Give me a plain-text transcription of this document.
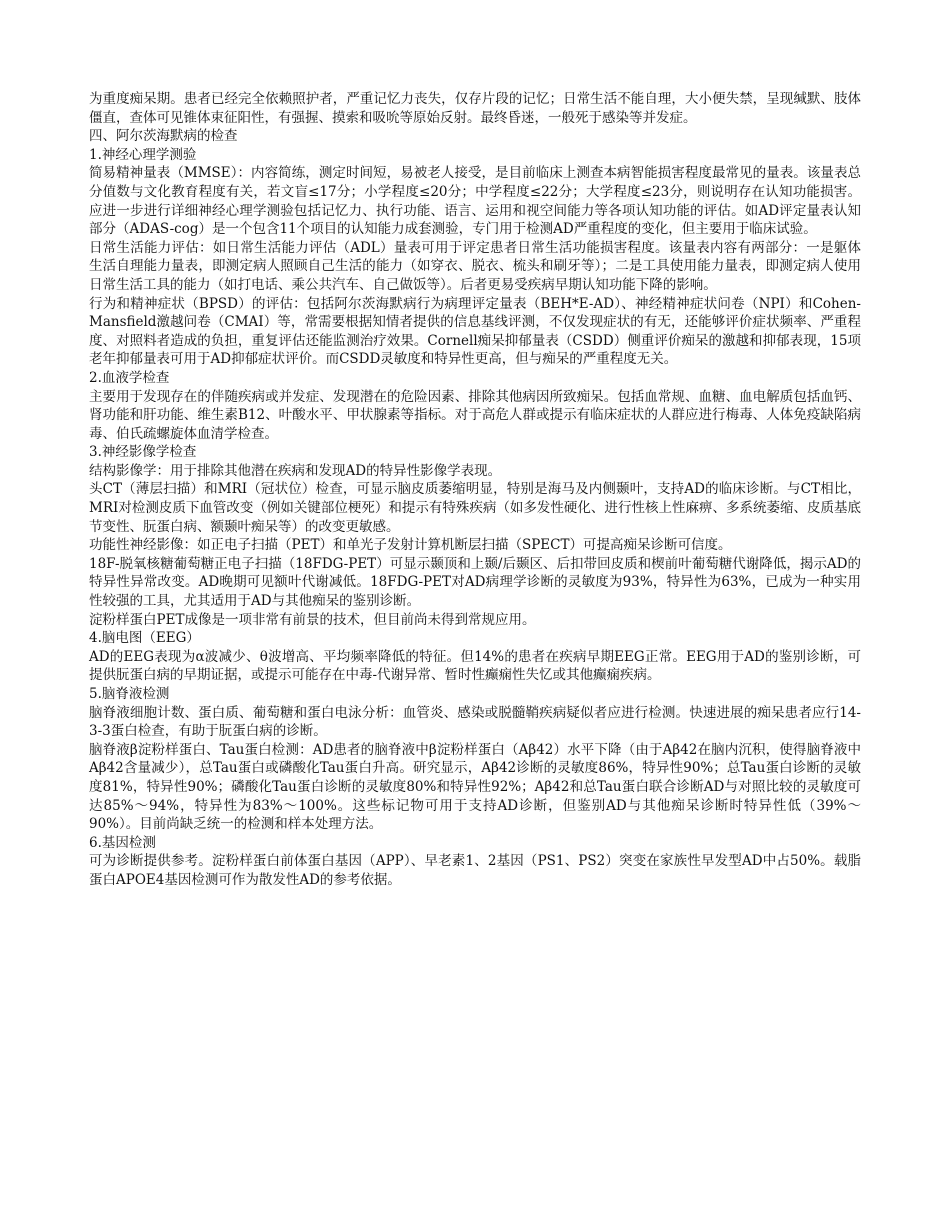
为重度痴呆期。患者已经完全依赖照护者，严重记忆力丧失，仅存片段的记忆；日常生活不能自理，大小便失禁，呈现缄默、肢体僵直，查体可见锥体束征阳性，有强握、摸索和吸吮等原始反射。最终昏迷，一般死于感染等并发症。

四、阿尔茨海默病的检查

1.神经心理学测验

简易精神量表（MMSE）：内容简练，测定时间短，易被老人接受，是目前临床上测查本病智能损害程度最常见的量表。该量表总分值数与文化教育程度有关，若文盲≤17分；小学程度≤20分；中学程度≤22分；大学程度≤23分，则说明存在认知功能损害。应进一步进行详细神经心理学测验包括记忆力、执行功能、语言、运用和视空间能力等各项认知功能的评估。如AD评定量表认知部分（ADAS-cog）是一个包含11个项目的认知能力成套测验，专门用于检测AD严重程度的变化，但主要用于临床试验。

日常生活能力评估：如日常生活能力评估（ADL）量表可用于评定患者日常生活功能损害程度。该量表内容有两部分：一是躯体生活自理能力量表，即测定病人照顾自己生活的能力（如穿衣、脱衣、梳头和刷牙等）；二是工具使用能力量表，即测定病人使用日常生活工具的能力（如打电话、乘公共汽车、自己做饭等）。后者更易受疾病早期认知功能下降的影响。

行为和精神症状（BPSD）的评估：包括阿尔茨海默病行为病理评定量表（BEH*E-AD）、神经精神症状问卷（NPI）和Cohen-Mansfield激越问卷（CMAI）等，常需要根据知情者提供的信息基线评测，不仅发现症状的有无，还能够评价症状频率、严重程度、对照料者造成的负担，重复评估还能监测治疗效果。Cornell痴呆抑郁量表（CSDD）侧重评价痴呆的激越和抑郁表现，15项老年抑郁量表可用于AD抑郁症状评价。而CSDD灵敏度和特异性更高，但与痴呆的严重程度无关。

2.血液学检查

主要用于发现存在的伴随疾病或并发症、发现潜在的危险因素、排除其他病因所致痴呆。包括血常规、血糖、血电解质包括血钙、肾功能和肝功能、维生素B12、叶酸水平、甲状腺素等指标。对于高危人群或提示有临床症状的人群应进行梅毒、人体免疫缺陷病毒、伯氏疏螺旋体血清学检查。

3.神经影像学检查

结构影像学：用于排除其他潜在疾病和发现AD的特异性影像学表现。

头CT（薄层扫描）和MRI（冠状位）检查，可显示脑皮质萎缩明显，特别是海马及内侧颞叶，支持AD的临床诊断。与CT相比，MRI对检测皮质下血管改变（例如关键部位梗死）和提示有特殊疾病（如多发性硬化、进行性核上性麻痹、多系统萎缩、皮质基底节变性、朊蛋白病、额颞叶痴呆等）的改变更敏感。

功能性神经影像：如正电子扫描（PET）和单光子发射计算机断层扫描（SPECT）可提高痴呆诊断可信度。

18F-脱氧核糖葡萄糖正电子扫描（18FDG-PET）可显示颞顶和上颞/后颞区、后扣带回皮质和楔前叶葡萄糖代谢降低，揭示AD的特异性异常改变。AD晚期可见额叶代谢减低。18FDG-PET对AD病理学诊断的灵敏度为93%，特异性为63%，已成为一种实用性较强的工具，尤其适用于AD与其他痴呆的鉴别诊断。

淀粉样蛋白PET成像是一项非常有前景的技术，但目前尚未得到常规应用。

4.脑电图（EEG）

AD的EEG表现为α波减少、θ波增高、平均频率降低的特征。但14%的患者在疾病早期EEG正常。EEG用于AD的鉴别诊断，可提供朊蛋白病的早期证据，或提示可能存在中毒-代谢异常、暂时性癫痫性失忆或其他癫痫疾病。

5.脑脊液检测

脑脊液细胞计数、蛋白质、葡萄糖和蛋白电泳分析：血管炎、感染或脱髓鞘疾病疑似者应进行检测。快速进展的痴呆患者应行14-3-3蛋白检查，有助于朊蛋白病的诊断。

脑脊液β淀粉样蛋白、Tau蛋白检测：AD患者的脑脊液中β淀粉样蛋白（Aβ42）水平下降（由于Aβ42在脑内沉积，使得脑脊液中Aβ42含量减少），总Tau蛋白或磷酸化Tau蛋白升高。研究显示，Aβ42诊断的灵敏度86%，特异性90%；总Tau蛋白诊断的灵敏度81%，特异性90%；磷酸化Tau蛋白诊断的灵敏度80%和特异性92%；Aβ42和总Tau蛋白联合诊断AD与对照比较的灵敏度可达85%～94%，特异性为83%～100%。这些标记物可用于支持AD诊断，但鉴别AD与其他痴呆诊断时特异性低（39%～90%）。目前尚缺乏统一的检测和样本处理方法。

6.基因检测

可为诊断提供参考。淀粉样蛋白前体蛋白基因（APP）、早老素1、2基因（PS1、PS2）突变在家族性早发型AD中占50%。载脂蛋白APOE4基因检测可作为散发性AD的参考依据。
